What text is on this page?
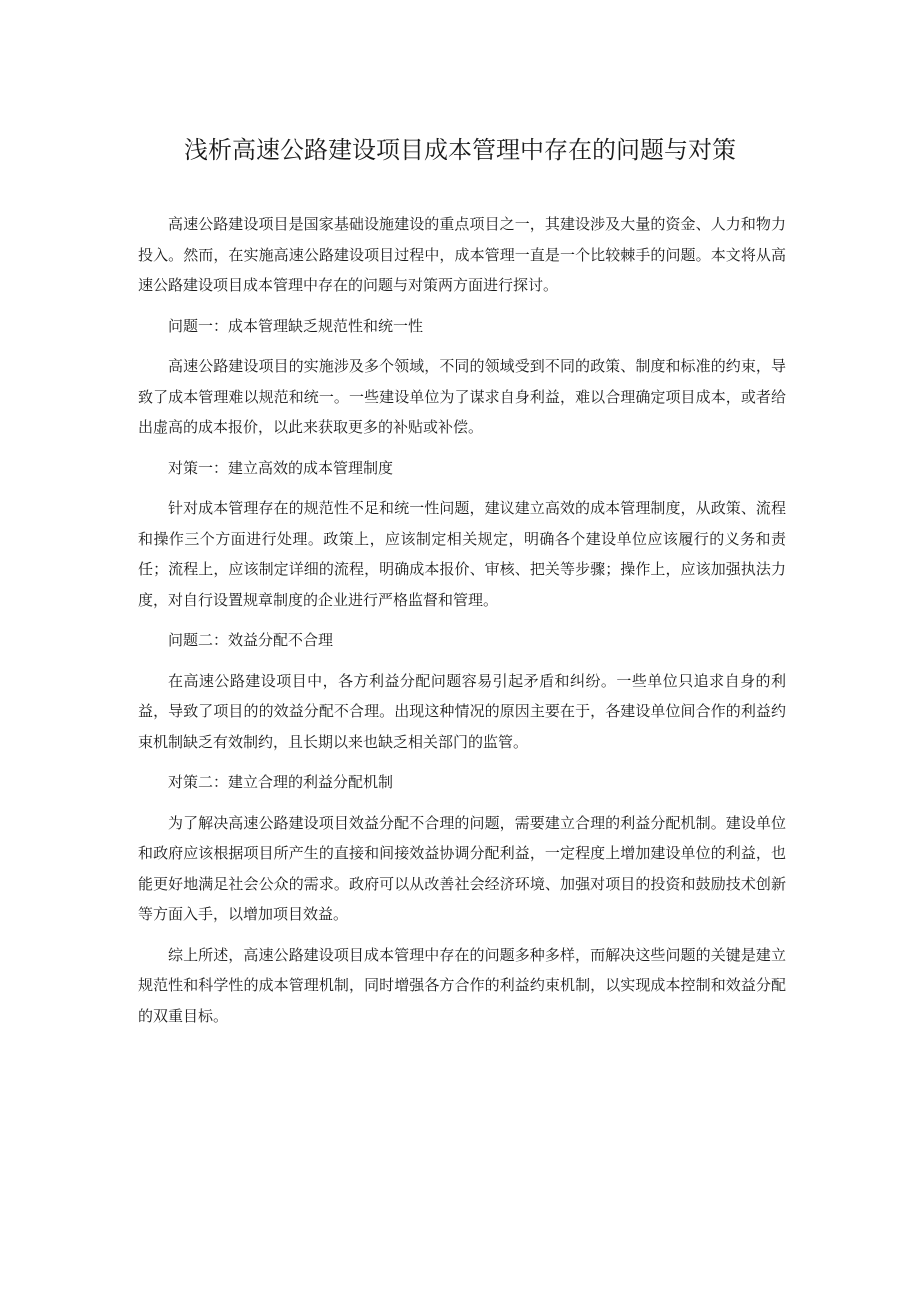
浅析高速公路建设项目成本管理中存在的问题与对策

高速公路建设项目是国家基础设施建设的重点项目之一，其建设涉及大量的资金、人力和物力投入。然而，在实施高速公路建设项目过程中，成本管理一直是一个比较棘手的问题。本文将从高速公路建设项目成本管理中存在的问题与对策两方面进行探讨。

问题一：成本管理缺乏规范性和统一性

高速公路建设项目的实施涉及多个领域，不同的领域受到不同的政策、制度和标准的约束，导致了成本管理难以规范和统一。一些建设单位为了谋求自身利益，难以合理确定项目成本，或者给出虚高的成本报价，以此来获取更多的补贴或补偿。

对策一：建立高效的成本管理制度

针对成本管理存在的规范性不足和统一性问题，建议建立高效的成本管理制度，从政策、流程和操作三个方面进行处理。政策上，应该制定相关规定，明确各个建设单位应该履行的义务和责任；流程上，应该制定详细的流程，明确成本报价、审核、把关等步骤；操作上，应该加强执法力度，对自行设置规章制度的企业进行严格监督和管理。

问题二：效益分配不合理

在高速公路建设项目中，各方利益分配问题容易引起矛盾和纠纷。一些单位只追求自身的利益，导致了项目的的效益分配不合理。出现这种情况的原因主要在于，各建设单位间合作的利益约束机制缺乏有效制约，且长期以来也缺乏相关部门的监管。

对策二：建立合理的利益分配机制

为了解决高速公路建设项目效益分配不合理的问题，需要建立合理的利益分配机制。建设单位和政府应该根据项目所产生的直接和间接效益协调分配利益，一定程度上增加建设单位的利益，也能更好地满足社会公众的需求。政府可以从改善社会经济环境、加强对项目的投资和鼓励技术创新等方面入手，以增加项目效益。

综上所述，高速公路建设项目成本管理中存在的问题多种多样，而解决这些问题的关键是建立规范性和科学性的成本管理机制，同时增强各方合作的利益约束机制，以实现成本控制和效益分配的双重目标。
